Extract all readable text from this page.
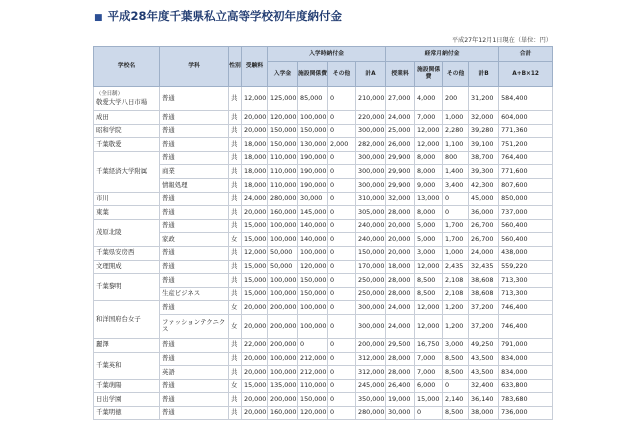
■ 平成28年度千葉県私立高等学校初年度納付金
平成27年12月1日現在（単位：円）
学校名	学科	性別	受験料	入学時納付金				経常月納付金				合計
				入学金	施設関係費	その他	計A	授業料	施設関係費	その他	計B	A+B×12

（全日制）
敬愛大学八日市場	普通	共	12,000	125,000	85,000	0	210,000	27,000	4,000	200	31,200	584,400
成田	普通	共	20,000	120,000	100,000	0	220,000	24,000	7,000	1,000	32,000	604,000
昭和学院	普通	共	20,000	150,000	150,000	0	300,000	25,000	12,000	2,280	39,280	771,360
千葉敬愛	普通	共	18,000	150,000	130,000	2,000	282,000	26,000	12,000	1,100	39,100	751,200
千葉経済大学附属	普通	共	18,000	110,000	190,000	0	300,000	29,900	8,000	800	38,700	764,400
	商業	共	18,000	110,000	190,000	0	300,000	29,900	8,000	1,400	39,300	771,600
	情報処理	共	18,000	110,000	190,000	0	300,000	29,900	9,000	3,400	42,300	807,600
市川	普通	共	24,000	280,000	30,000	0	310,000	32,000	13,000	0	45,000	850,000
東葉	普通	共	20,000	160,000	145,000	0	305,000	28,000	8,000	0	36,000	737,000
茂原北陵	普通	共	15,000	100,000	140,000	0	240,000	20,000	5,000	1,700	26,700	560,400
	家政	女	15,000	100,000	140,000	0	240,000	20,000	5,000	1,700	26,700	560,400
千葉県安房西	普通	共	12,000	50,000	100,000	0	150,000	20,000	3,000	1,000	24,000	438,000
文理開成	普通	共	15,000	50,000	120,000	0	170,000	18,000	12,000	2,435	32,435	559,220
千葉黎明	普通	共	15,000	100,000	150,000	0	250,000	28,000	8,500	2,108	38,608	713,300
	生産ビジネス	共	15,000	100,000	150,000	0	250,000	28,000	8,500	2,108	38,608	713,300
和洋国府台女子	普通	女	20,000	200,000	100,000	0	300,000	24,000	12,000	1,200	37,200	746,400
	ファッションテクニクス	女	20,000	200,000	100,000	0	300,000	24,000	12,000	1,200	37,200	746,400
麗澤	普通	共	22,000	200,000	0	0	200,000	29,500	16,750	3,000	49,250	791,000
千葉英和	普通	共	20,000	100,000	212,000	0	312,000	28,000	7,000	8,500	43,500	834,000
	英語	共	20,000	100,000	212,000	0	312,000	28,000	7,000	8,500	43,500	834,000
千葉萌陽	普通	女	15,000	135,000	110,000	0	245,000	26,400	6,000	0	32,400	633,800
日出学園	普通	共	20,000	200,000	150,000	0	350,000	19,000	15,000	2,140	36,140	783,680
千葉明徳	普通	共	20,000	160,000	120,000	0	280,000	30,000	0	8,500	38,000	736,000
